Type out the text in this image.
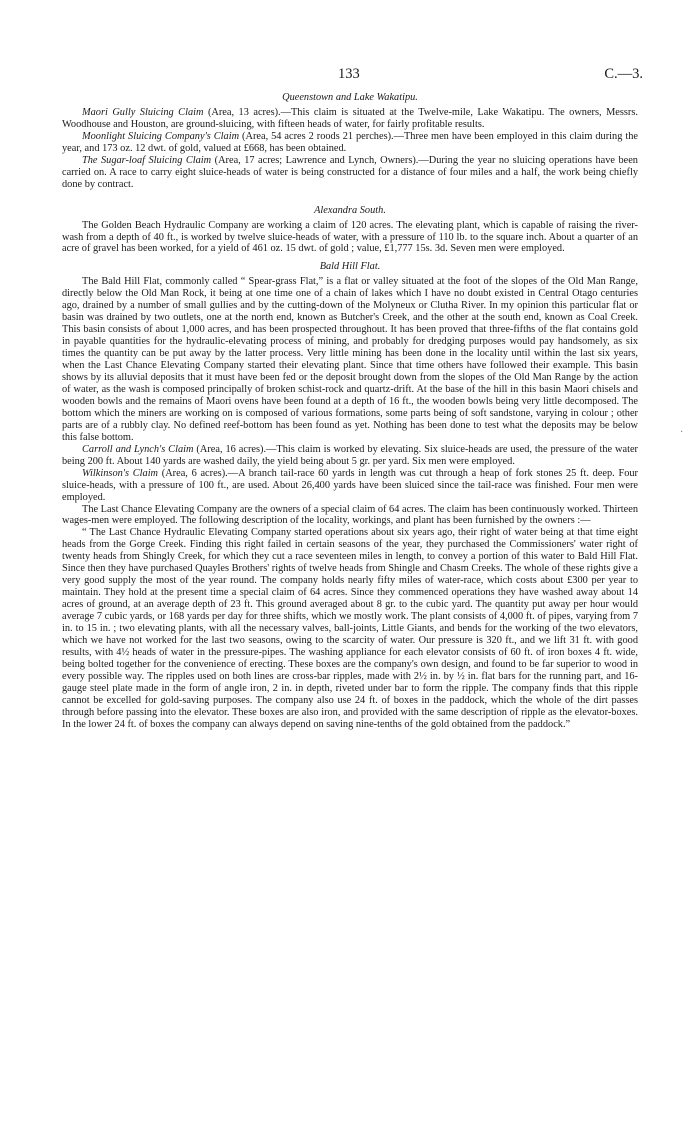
133	C.—3.
Queenstown and Lake Wakatipu.

Maori Gully Sluicing Claim (Area, 13 acres).—This claim is situated at the Twelve-mile, Lake Wakatipu. The owners, Messrs. Woodhouse and Houston, are ground-sluicing, with fifteen heads of water, for fairly profitable results.

Moonlight Sluicing Company's Claim (Area, 54 acres 2 roods 21 perches).—Three men have been employed in this claim during the year, and 173 oz. 12 dwt. of gold, valued at £668, has been obtained.

The Sugar-loaf Sluicing Claim (Area, 17 acres; Lawrence and Lynch, Owners).—During the year no sluicing operations have been carried on. A race to carry eight sluice-heads of water is being constructed for a distance of four miles and a half, the work being chiefly done by contract.

Alexandra South.

The Golden Beach Hydraulic Company are working a claim of 120 acres. The elevating plant, which is capable of raising the river-wash from a depth of 40 ft., is worked by twelve sluice-heads of water, with a pressure of 110 lb. to the square inch. About a quarter of an acre of gravel has been worked, for a yield of 461 oz. 15 dwt. of gold ; value, £1,777 15s. 3d. Seven men were employed.

Bald Hill Flat.

The Bald Hill Flat, commonly called “ Spear-grass Flat,” is a flat or valley situated at the foot of the slopes of the Old Man Range, directly below the Old Man Rock, it being at one time one of a chain of lakes which I have no doubt existed in Central Otago centuries ago, drained by a number of small gullies and by the cutting-down of the Molyneux or Clutha River. In my opinion this particular flat or basin was drained by two outlets, one at the north end, known as Butcher's Creek, and the other at the south end, known as Coal Creek. This basin consists of about 1,000 acres, and has been prospected throughout. It has been proved that three-fifths of the flat contains gold in payable quantities for the hydraulic-elevating process of mining, and probably for dredging purposes would pay handsomely, as six times the quantity can be put away by the latter process. Very little mining has been done in the locality until within the last six years, when the Last Chance Elevating Company started their elevating plant. Since that time others have followed their example. This basin shows by its alluvial deposits that it must have been fed or the deposit brought down from the slopes of the Old Man Range by the action of water, as the wash is composed principally of broken schist-rock and quartz-drift. At the base of the hill in this basin Maori chisels and wooden bowls and the remains of Maori ovens have been found at a depth of 16 ft., the wooden bowls being very little decomposed. The bottom which the miners are working on is composed of various formations, some parts being of soft sandstone, varying in colour ; other parts are of a rubbly clay. No defined reef-bottom has been found as yet. Nothing has been done to test what the deposits may be below this false bottom.

Carroll and Lynch's Claim (Area, 16 acres).—This claim is worked by elevating. Six sluice-heads are used, the pressure of the water being 200 ft. About 140 yards are washed daily, the yield being about 5 gr. per yard. Six men were employed.

Wilkinson's Claim (Area, 6 acres).—A branch tail-race 60 yards in length was cut through a heap of fork stones 25 ft. deep. Four sluice-heads, with a pressure of 100 ft., are used. About 26,400 yards have been sluiced since the tail-race was finished. Four men were employed.

The Last Chance Elevating Company are the owners of a special claim of 64 acres. The claim has been continuously worked. Thirteen wages-men were employed. The following description of the locality, workings, and plant has been furnished by the owners :—

“ The Last Chance Hydraulic Elevating Company started operations about six years ago, their right of water being at that time eight heads from the Gorge Creek. Finding this right failed in certain seasons of the year, they purchased the Commissioners' water right of twenty heads from Shingly Creek, for which they cut a race seventeen miles in length, to convey a portion of this water to Bald Hill Flat. Since then they have purchased Quayles Brothers' rights of twelve heads from Shingle and Chasm Creeks. The whole of these rights give a very good supply the most of the year round. The company holds nearly fifty miles of water-race, which costs about £300 per year to maintain. They hold at the present time a special claim of 64 acres. Since they commenced operations they have washed away about 14 acres of ground, at an average depth of 23 ft. This ground averaged about 8 gr. to the cubic yard. The quantity put away per hour would average 7 cubic yards, or 168 yards per day for three shifts, which we mostly work. The plant consists of 4,000 ft. of pipes, varying from 7 in. to 15 in. ; two elevating plants, with all the necessary valves, ball-joints, Little Giants, and bends for the working of the two elevators, which we have not worked for the last two seasons, owing to the scarcity of water. Our pressure is 320 ft., and we lift 31 ft. with good results, with 4½ heads of water in the pressure-pipes. The washing appliance for each elevator consists of 60 ft. of iron boxes 4 ft. wide, being bolted together for the convenience of erecting. These boxes are the company's own design, and found to be far superior to wood in every possible way. The ripples used on both lines are cross-bar ripples, made with 2½ in. by ½ in. flat bars for the running part, and 16-gauge steel plate made in the form of angle iron, 2 in. in depth, riveted under bar to form the ripple. The company finds that this ripple cannot be excelled for gold-saving purposes. The company also use 24 ft. of boxes in the paddock, which the whole of the dirt passes through before passing into the elevator. These boxes are also iron, and provided with the same description of ripple as the elevator-boxes. In the lower 24 ft. of boxes the company can always depend on saving nine-tenths of the gold obtained from the paddock.”

·
